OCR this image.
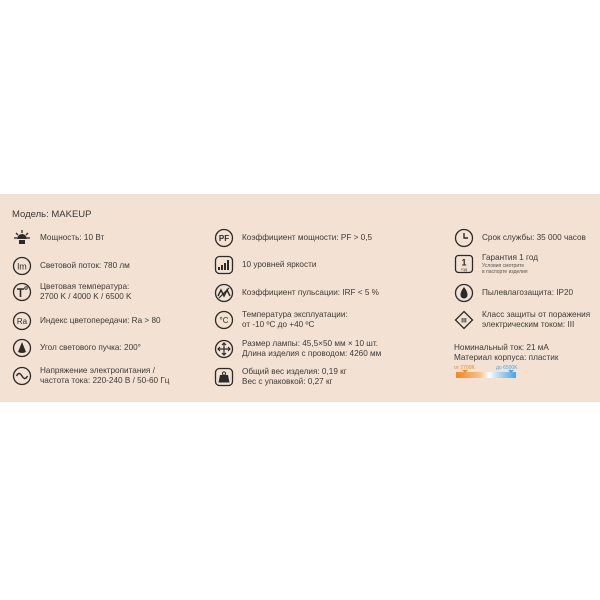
Модель: MAKEUP
Мощность: 10 Вт
lm Световой поток: 780 лм
Цветовая температура:
2700 K / 4000 K / 6500 K
Ra Индекс цветопередачи: Ra > 80
Угол светового пучка: 200°
Напряжение электропитания /
частота тока: 220-240 В / 50-60 Гц
PF Коэффициент мощности: PF > 0,5
10 уровней яркости
Коэффициент пульсации: IRF < 5 %
°C
Температура эксплуатации:
от -10 ºС до +40 ºС
Размер лампы: 45,5×50 мм × 10 шт.
Длина изделия с проводом: 4260 мм
Общий вес изделия: 0,19 кг
Вес с упаковкой: 0,27 кг
Срок службы: 35 000 часов
1
год
Гарантия 1 год
Условия смотрите
в паспорте изделия
Пылевлагозащита: IP20
III
Класс защиты от поражения
электрическим током: III
Номинальный ток: 21 мА
Материал корпуса: пластик
от 2700K	до 6500K
